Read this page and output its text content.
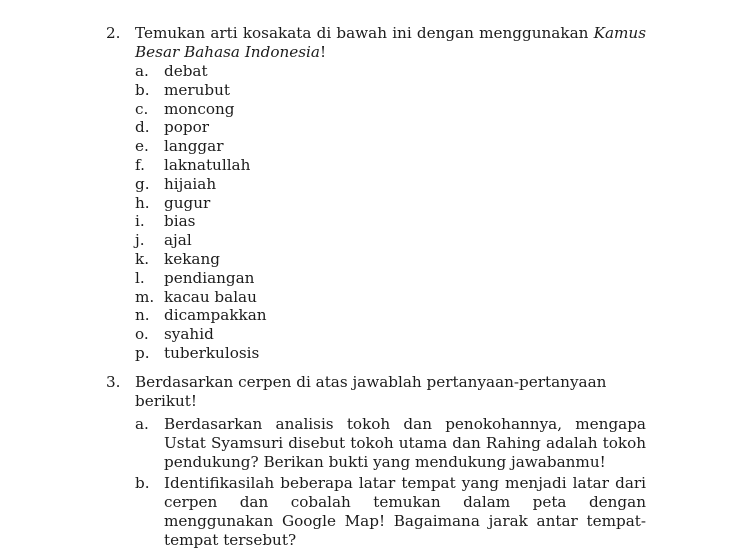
2. Temukan arti kosakata di bawah ini dengan menggunakan Kamus Besar Bahasa Indonesia!
a. debat
b. merubut
c. moncong
d. popor
e. langgar
f. laknatullah
g. hijaiah
h. gugur
i. bias
j. ajal
k. kekang
l. pendiangan
m. kacau balau
n. dicampakkan
o. syahid
p. tuberkulosis
3. Berdasarkan cerpen di atas jawablah pertanyaan-pertanyaan berikut!
a. Berdasarkan analisis tokoh dan penokohannya, mengapa Ustat Syamsuri disebut tokoh utama dan Rahing adalah tokoh pendukung? Berikan bukti yang mendukung jawabanmu!
b. Identifikasilah beberapa latar tempat yang menjadi latar dari cerpen dan cobalah temukan dalam peta dengan menggunakan Google Map! Bagaimana jarak antar tempat-tempat tersebut?
